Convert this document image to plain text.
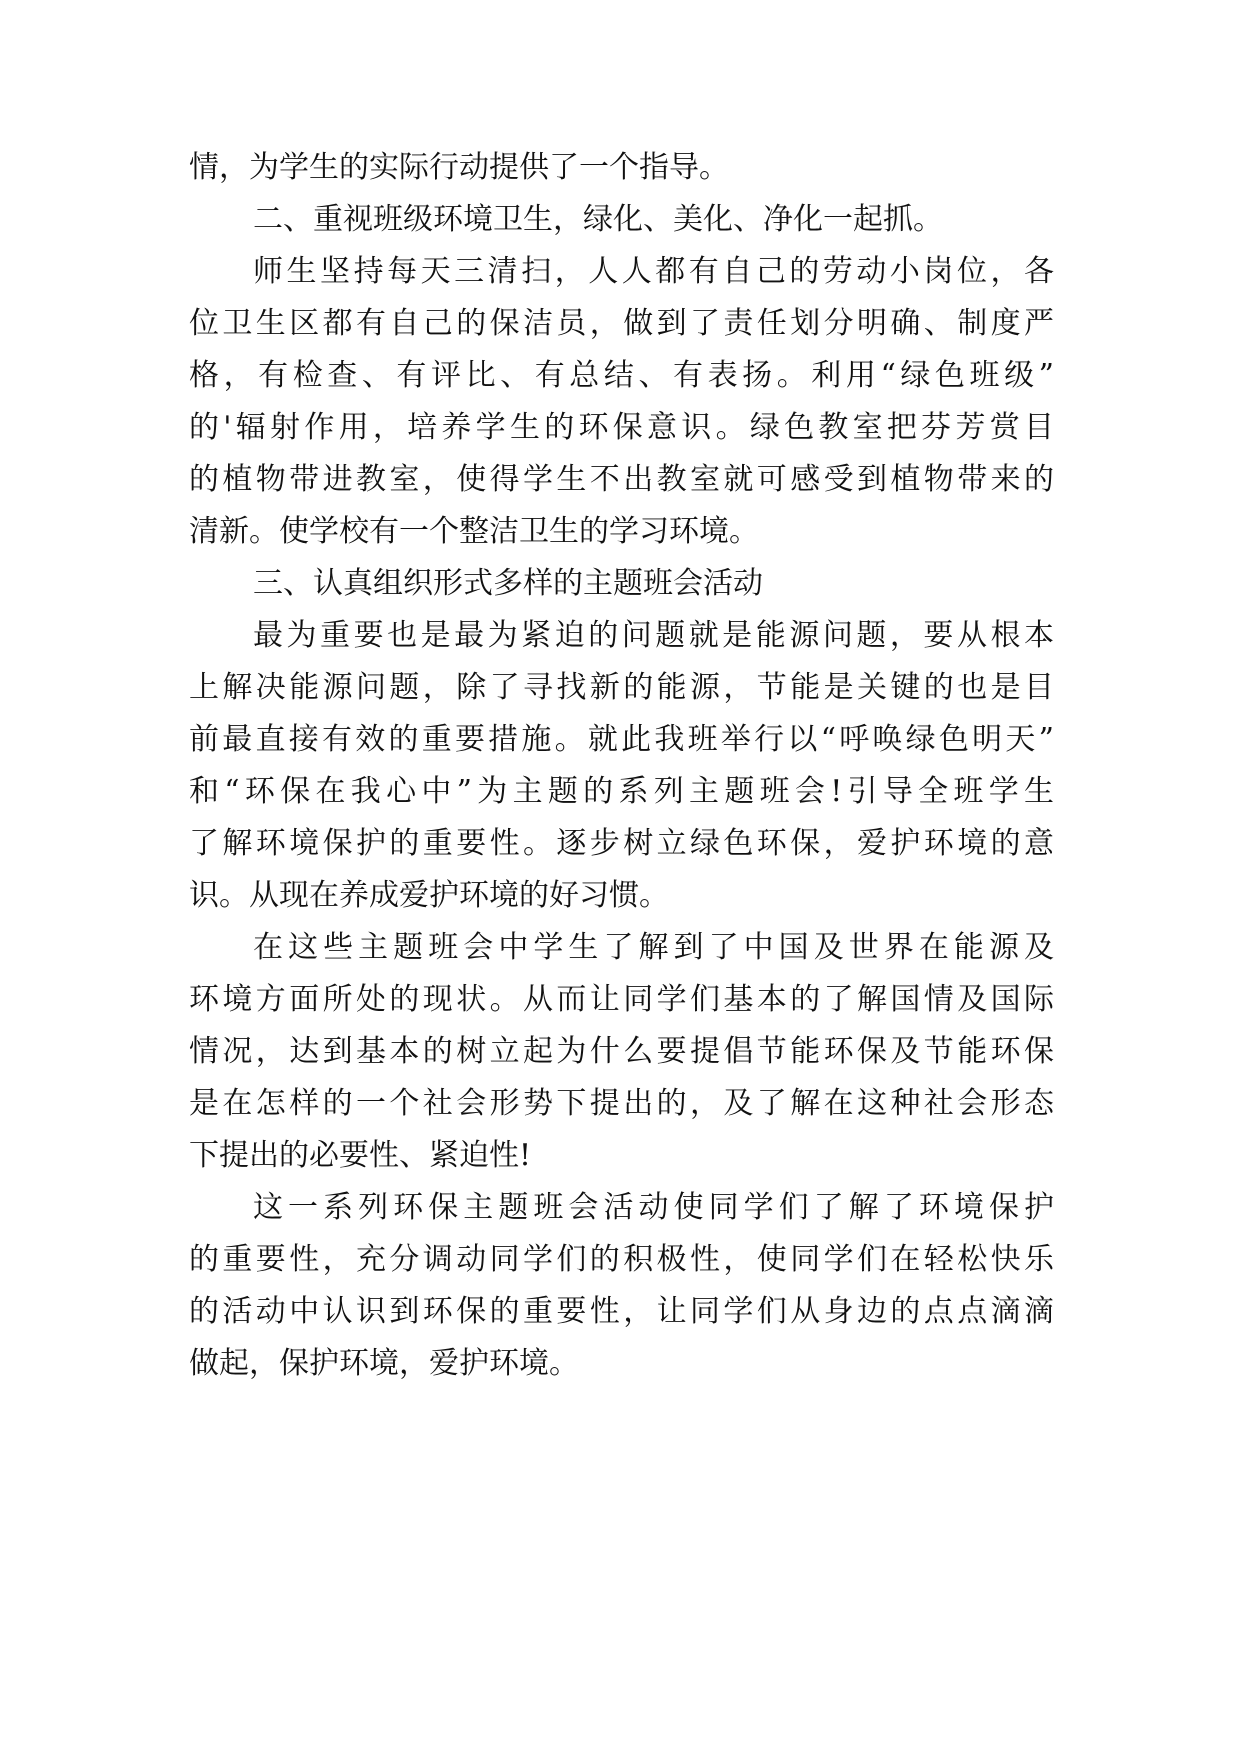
情，为学生的实际行动提供了一个指导。
二、重视班级环境卫生，绿化、美化、净化一起抓。
师生坚持每天三清扫，人人都有自己的劳动小岗位，各
位卫生区都有自己的保洁员，做到了责任划分明确、制度严
格，有检查、有评比、有总结、有表扬。利用“绿色班级”
的'辐射作用，培养学生的环保意识。绿色教室把芬芳赏目
的植物带进教室，使得学生不出教室就可感受到植物带来的
清新。使学校有一个整洁卫生的学习环境。
三、认真组织形式多样的主题班会活动
最为重要也是最为紧迫的问题就是能源问题，要从根本
上解决能源问题，除了寻找新的能源，节能是关键的也是目
前最直接有效的重要措施。就此我班举行以“呼唤绿色明天”
和“环保在我心中”为主题的系列主题班会!引导全班学生
了解环境保护的重要性。逐步树立绿色环保，爱护环境的意
识。从现在养成爱护环境的好习惯。
在这些主题班会中学生了解到了中国及世界在能源及
环境方面所处的现状。从而让同学们基本的了解国情及国际
情况，达到基本的树立起为什么要提倡节能环保及节能环保
是在怎样的一个社会形势下提出的，及了解在这种社会形态
下提出的必要性、紧迫性!
这一系列环保主题班会活动使同学们了解了环境保护
的重要性，充分调动同学们的积极性，使同学们在轻松快乐
的活动中认识到环保的重要性，让同学们从身边的点点滴滴
做起，保护环境，爱护环境。
